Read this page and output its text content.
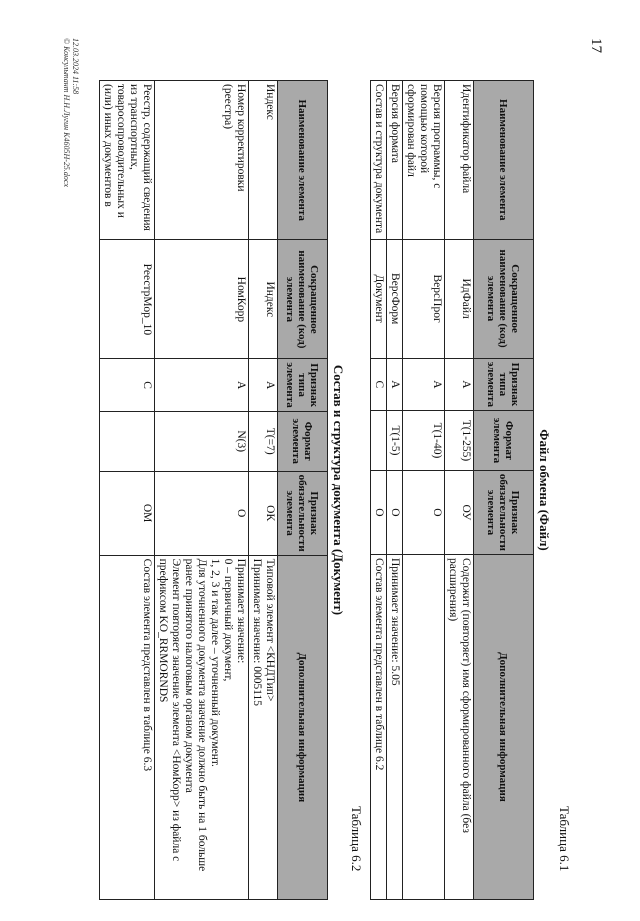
17
Таблица 6.1
Файл обмена (Файл)
Наименование элемента	Сокращенное наименование (код) элемента	Признак типа элемента	Формат элемента	Признак обязательности элемента	Дополнительная информация
Идентификатор файла	ИдФайл	А	T(1-255)	ОУ	Содержит (повторяет) имя сформированного файла (без расширения)
Версия программы, с помощью которой сформирован файл	ВерсПрог	А	T(1-40)	О	
Версия формата	ВерсФорм	А	T(1-5)	О	Принимает значение: 5.05
Состав и структура документа	Документ	С		О	Состав элемента представлен в таблице 6.2
Таблица 6.2
Состав и структура документа (Документ)
Наименование элемента	Сокращенное наименование (код) элемента	Признак типа элемента	Формат элемента	Признак обязательности элемента	Дополнительная информация
Индекс	Индекс	А	T(=7)	ОК	Типовой элемент <КНДТип>
Принимает значение: 0005115
Номер корректировки (реестра)	НомКорр	А	N(3)	О	Принимает значение:
0 – первичный документ,
1, 2, 3 и так далее – уточненный документ.
Для уточненного документа значение должно быть на 1 больше ранее принятого налоговым органом документа
Элемент повторяет значение элемента <НомКорр> из файла с префиксом KO_RRMORNDS
Реестр, содержащий сведения из транспортных, товаросопроводительных и (или) иных документов в	РеестрМор_10	С		ОМ	Состав элемента представлен в таблице 6.3
12.03.2024 11:58
© Консультант Н.Н.Лугин К4605Н-25.docx
